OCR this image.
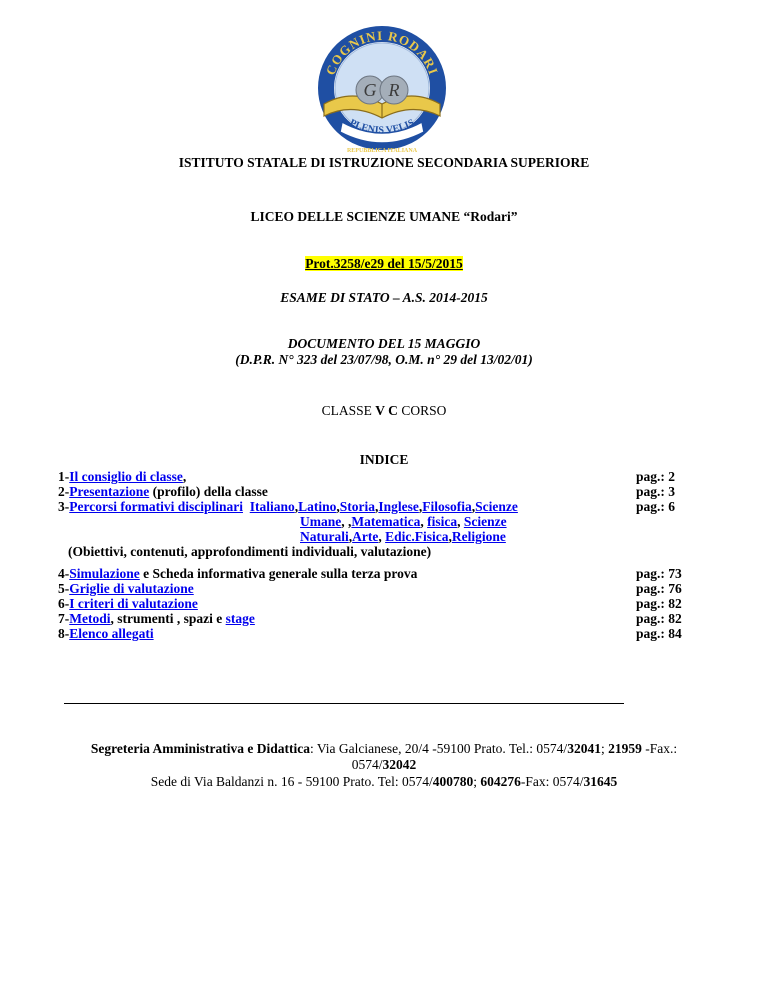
COGNINI RODARI
G R
PLENIS VELIS
REPUBBLICA ITALIANA
ISTITUTO STATALE DI ISTRUZIONE SECONDARIA SUPERIORE
LICEO DELLE SCIENZE UMANE “Rodari”
Prot.3258/e29 del 15/5/2015
ESAME DI STATO – A.S. 2014-2015
DOCUMENTO DEL 15 MAGGIO
(D.P.R. N° 323 del 23/07/98, O.M. n° 29 del 13/02/01)
CLASSE V C CORSO
INDICE
1-Il consiglio di classe,	pag.: 2
2-Presentazione (profilo) della classe	pag.: 3
3-Percorsi formativi disciplinari Italiano,Latino,Storia,Inglese,Filosofia,Scienze	pag.: 6
Umane, ,Matematica, fisica, Scienze
Naturali,Arte, Edic.Fisica,Religione
(Obiettivi, contenuti, approfondimenti individuali, valutazione)
4-Simulazione e Scheda informativa generale sulla terza prova	pag.: 73
5-Griglie di valutazione	pag.: 76
6-I criteri di valutazione	pag.: 82
7-Metodi, strumenti , spazi e stage	pag.: 82
8-Elenco allegati	pag.: 84
Segreteria Amministrativa e Didattica: Via Galcianese, 20/4 -59100 Prato. Tel.: 0574/32041; 21959 -Fax.:
0574/32042
Sede di Via Baldanzi n. 16 - 59100 Prato. Tel: 0574/400780; 604276-Fax: 0574/31645
